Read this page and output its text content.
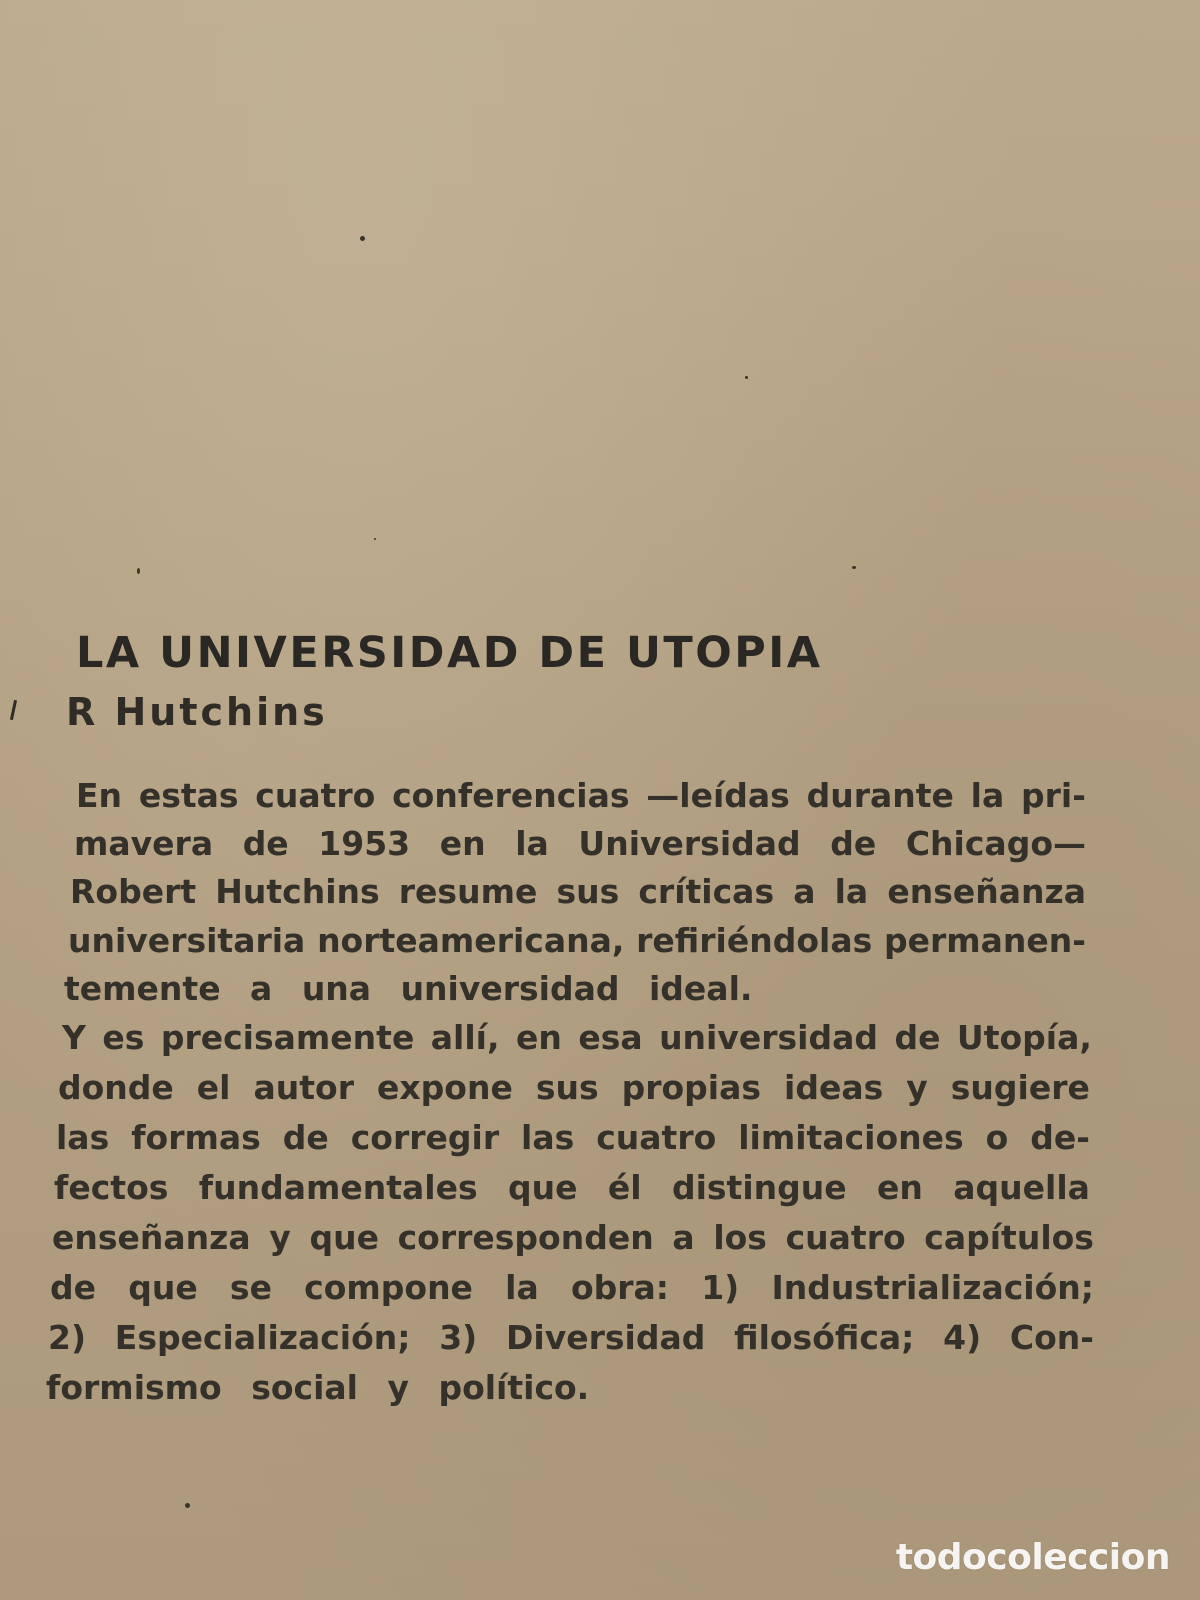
LA UNIVERSIDAD DE UTOPIA
R Hutchins
En estas cuatro conferencias —leídas durante la pri-
mavera de 1953 en la Universidad de Chicago—
Robert Hutchins resume sus críticas a la enseñanza
universitaria norteamericana, refiriéndolas permanen-
temente a una universidad ideal.
Y es precisamente allí, en esa universidad de Utopía,
donde el autor expone sus propias ideas y sugiere
las formas de corregir las cuatro limitaciones o de-
fectos fundamentales que él distingue en aquella
enseñanza y que corresponden a los cuatro capítulos
de que se compone la obra: 1) Industrialización;
2) Especialización; 3) Diversidad filosófica; 4) Con-
formismo social y político.
todocoleccion
